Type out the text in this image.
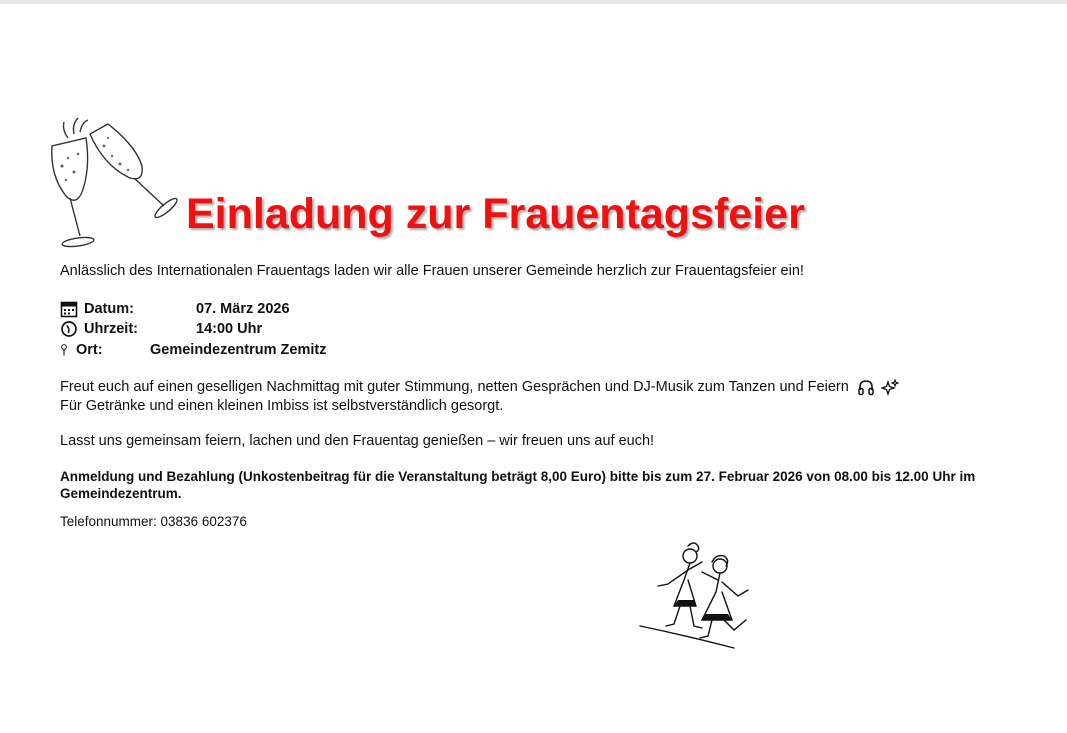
Einladung zur Frauentagsfeier

Anlässlich des Internationalen Frauentags laden wir alle Frauen unserer Gemeinde herzlich zur Frauentagsfeier ein!

Datum:	07. März 2026
Uhrzeit:	14:00 Uhr
Ort:	Gemeindezentrum Zemitz

Freut euch auf einen geselligen Nachmittag mit guter Stimmung, netten Gesprächen und DJ-Musik zum Tanzen und Feiern

Für Getränke und einen kleinen Imbiss ist selbstverständlich gesorgt.

Lasst uns gemeinsam feiern, lachen und den Frauentag genießen – wir freuen uns auf euch!

Anmeldung und Bezahlung (Unkostenbeitrag für die Veranstaltung beträgt 8,00 Euro) bitte bis zum 27. Februar 2026 von 08.00 bis 12.00 Uhr im Gemeindezentrum.

Telefonnummer: 03836 602376
